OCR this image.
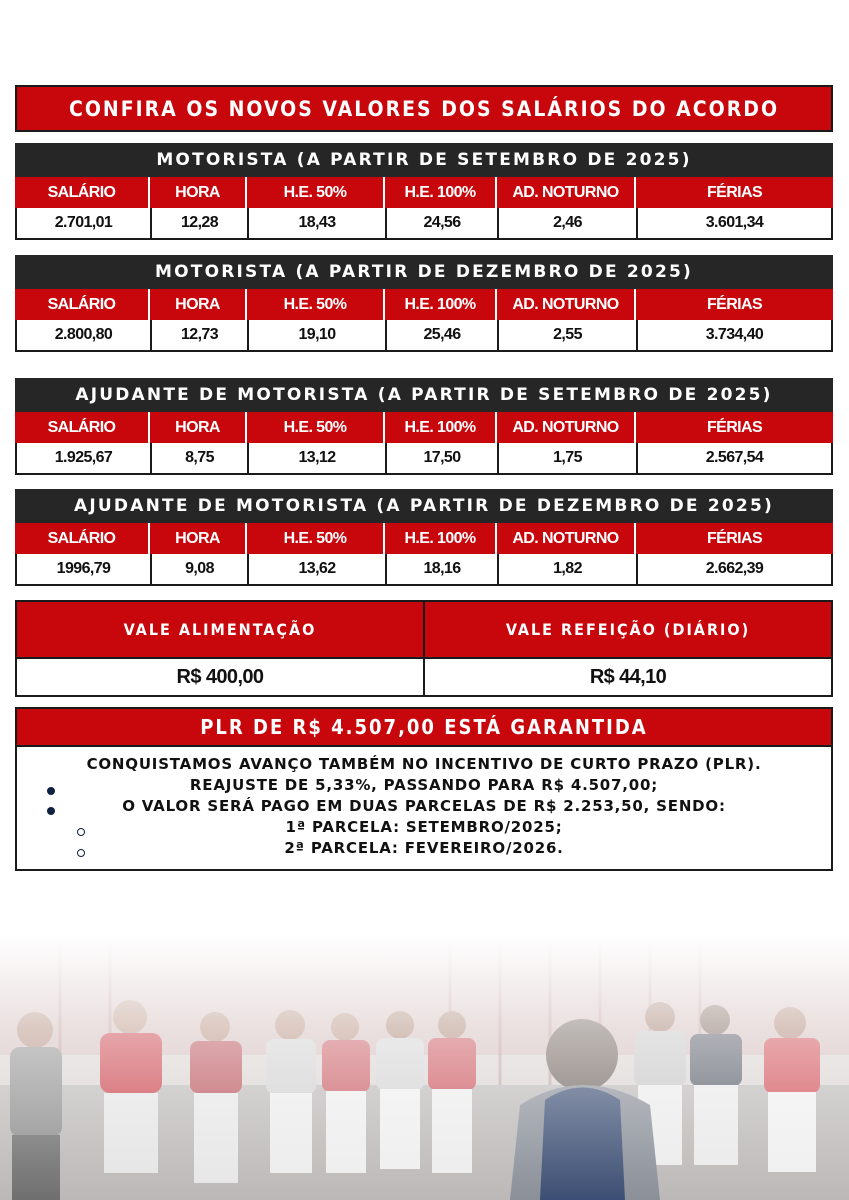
CONFIRA OS NOVOS VALORES DOS SALÁRIOS DO ACORDO
MOTORISTA (A PARTIR DE SETEMBRO DE 2025)
SALÁRIO	HORA	H.E. 50%	H.E. 100%	AD. NOTURNO	FÉRIAS
2.701,01	12,28	18,43	24,56	2,46	3.601,34
MOTORISTA (A PARTIR DE DEZEMBRO DE 2025)
SALÁRIO	HORA	H.E. 50%	H.E. 100%	AD. NOTURNO	FÉRIAS
2.800,80	12,73	19,10	25,46	2,55	3.734,40
AJUDANTE DE MOTORISTA (A PARTIR DE SETEMBRO DE 2025)
SALÁRIO	HORA	H.E. 50%	H.E. 100%	AD. NOTURNO	FÉRIAS
1.925,67	8,75	13,12	17,50	1,75	2.567,54
AJUDANTE DE MOTORISTA (A PARTIR DE DEZEMBRO DE 2025)
SALÁRIO	HORA	H.E. 50%	H.E. 100%	AD. NOTURNO	FÉRIAS
1996,79	9,08	13,62	18,16	1,82	2.662,39
VALE ALIMENTAÇÃO
R$ 400,00
VALE REFEIÇÃO (DIÁRIO)
R$ 44,10
PLR DE R$ 4.507,00 ESTÁ GARANTIDA
CONQUISTAMOS AVANÇO TAMBÉM NO INCENTIVO DE CURTO PRAZO (PLR).
REAJUSTE DE 5,33%, PASSANDO PARA R$ 4.507,00;
O VALOR SERÁ PAGO EM DUAS PARCELAS DE R$ 2.253,50, SENDO:
1ª PARCELA: SETEMBRO/2025;
2ª PARCELA: FEVEREIRO/2026.
